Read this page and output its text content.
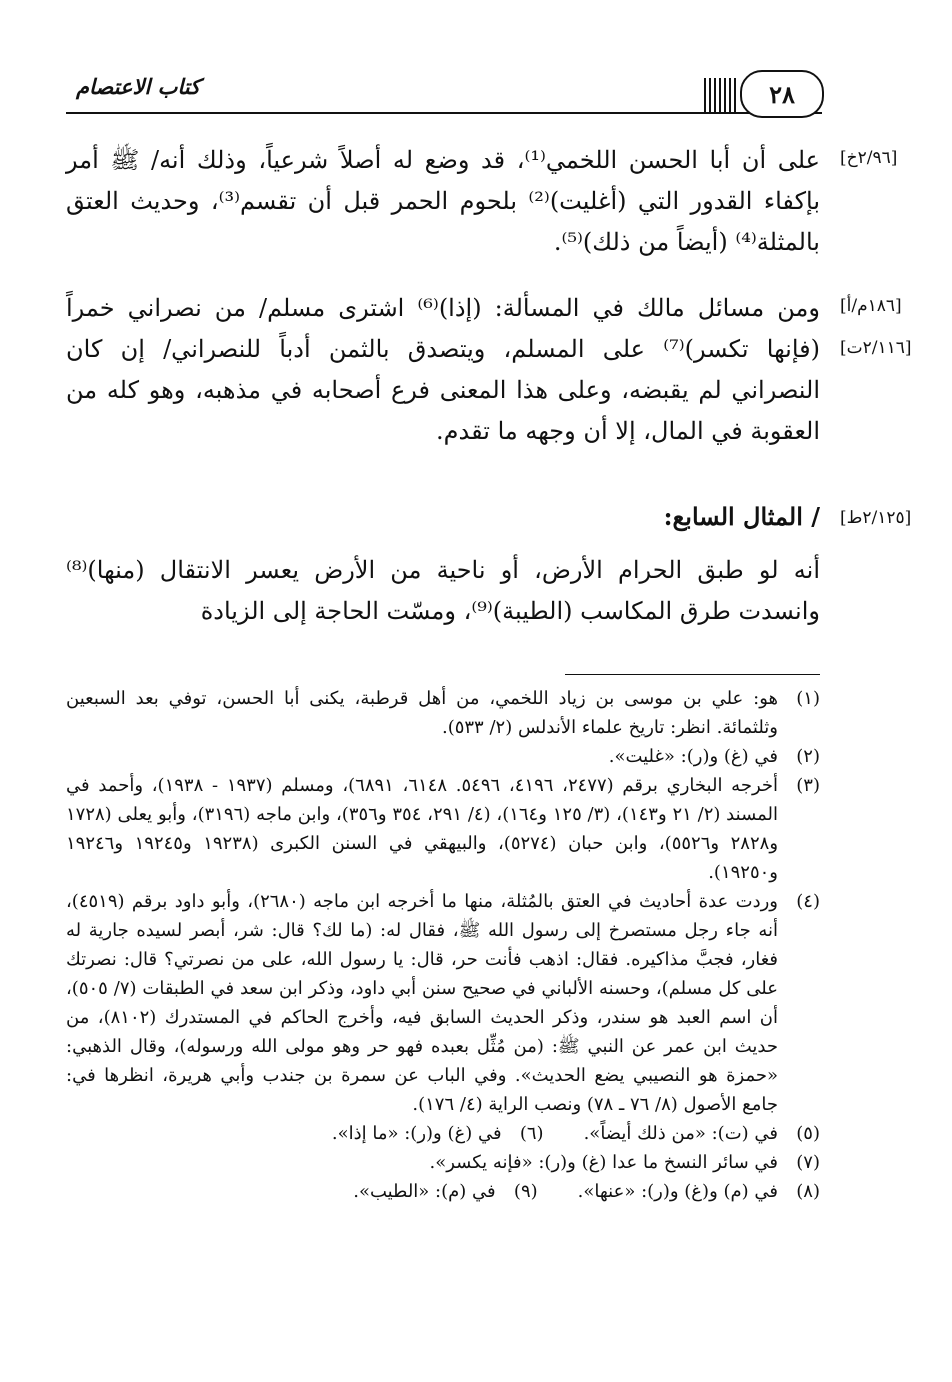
كتاب الاعتصام	٢٨
[٢/٩٦خ]
[١٨٦م/أ]
[٢/١١٦ت]
[٢/١٢٥ط]
على أن أبا الحسن اللخمي⁽¹⁾، قد وضع له أصلاً شرعياً، وذلك أنه/ ﷺ أمر بإكفاء القدور التي (أغليت)⁽²⁾ بلحوم الحمر قبل أن تقسم⁽³⁾، وحديث العتق بالمثلة⁽⁴⁾ (أيضاً من ذلك)⁽⁵⁾.
ومن مسائل مالك في المسألة: (إذا)⁽⁶⁾ اشترى مسلم/ من نصراني خمراً (فإنها تكسر)⁽⁷⁾ على المسلم، ويتصدق بالثمن أدباً للنصراني/ إن كان النصراني لم يقبضه، وعلى هذا المعنى فرع أصحابه في مذهبه، وهو كله من العقوبة في المال، إلا أن وجهه ما تقدم.
/ المثال السابع:
أنه لو طبق الحرام الأرض، أو ناحية من الأرض يعسر الانتقال (منها)⁽⁸⁾ وانسدت طرق المكاسب (الطيبة)⁽⁹⁾، ومسّت الحاجة إلى الزيادة
(١)
هو: علي بن موسى بن زياد اللخمي، من أهل قرطبة، يكنى أبا الحسن، توفي بعد السبعين وثلثمائة. انظر: تاريخ علماء الأندلس (٢/ ٥٣٣).
(٢)
في (غ) و(ر): «غليت».
(٣)
أخرجه البخاري برقم (٢٤٧٧، ٤١٩٦، ٥٤٩٦. ٦١٤٨، ٦٨٩١)، ومسلم (١٩٣٧ - ١٩٣٨)، وأحمد في المسند (٢/ ٢١ و١٤٣)، (٣/ ١٢٥ و١٦٤)، (٤/ ٢٩١، ٣٥٤ و٣٥٦)، وابن ماجه (٣١٩٦)، وأبو يعلى (١٧٢٨ و٢٨٢٨ و٥٥٢٦)، وابن حبان (٥٢٧٤)، والبيهقي في السنن الكبرى (١٩٢٣٨ و١٩٢٤٥ و١٩٢٤٦ و١٩٢٥٠).
(٤)
وردت عدة أحاديث في العتق بالمُثلة، منها ما أخرجه ابن ماجه (٢٦٨٠)، وأبو داود برقم (٤٥١٩)، أنه جاء رجل مستصرخ إلى رسول الله ﷺ، فقال له: (ما لك؟ قال: شر، أبصر لسيده جارية له فغار، فجبَّ مذاكيره. فقال: اذهب فأنت حر، قال: يا رسول الله، على من نصرتي؟ قال: نصرتك على كل مسلم)، وحسنه الألباني في صحيح سنن أبي داود، وذكر ابن سعد في الطبقات (٧/ ٥٠٥)، أن اسم العبد هو سندر، وذكر الحديث السابق فيه، وأخرج الحاكم في المستدرك (٨١٠٢)، من حديث ابن عمر عن النبي ﷺ: (من مُثِّل بعبده فهو حر وهو مولى الله ورسوله)، وقال الذهبي: «حمزة هو النصيبي يضع الحديث». وفي الباب عن سمرة بن جندب وأبي هريرة، انظرها في: جامع الأصول (٨/ ٧٦ ـ ٧٨) ونصب الراية (٤/ ١٧٦).
(٥)
في (ت): «من ذلك أيضاً».
(٦)
في (غ) و(ر): «ما إذا».
(٧)
في سائر النسخ ما عدا (غ) و(ر): «فإنه يكسر».
(٨)
في (م) و(غ) و(ر): «عنها».
(٩)
في (م): «الطيب».
